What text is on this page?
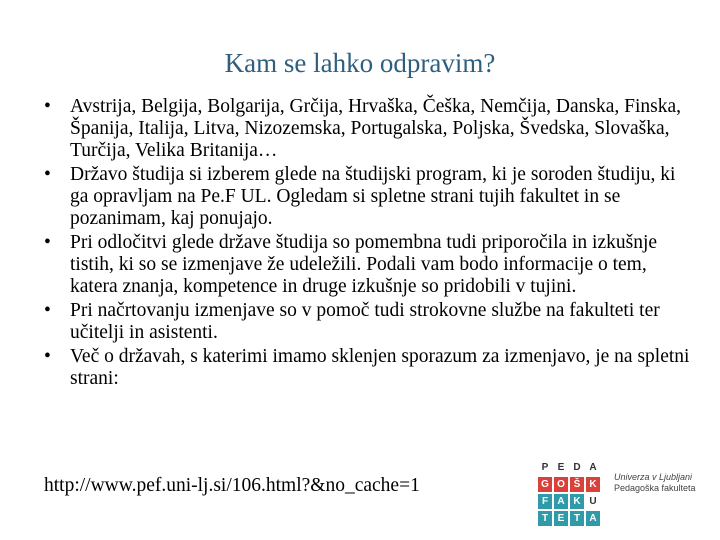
Kam se lahko odpravim?
• Avstrija, Belgija, Bolgarija, Grčija, Hrvaška, Češka, Nemčija, Danska, Finska, Španija, Italija, Litva, Nizozemska, Portugalska, Poljska, Švedska, Slovaška, Turčija, Velika Britanija…
• Državo študija si izberem glede na študijski program, ki je soroden študiju, ki ga opravljam na Pe.F UL. Ogledam si spletne strani tujih fakultet in se pozanimam, kaj ponujajo.
• Pri odločitvi glede države študija so pomembna tudi priporočila in izkušnje tistih, ki so se izmenjave že udeležili. Podali vam bodo informacije o tem, katera znanja, kompetence in druge izkušnje so pridobili v tujini.
• Pri načrtovanju izmenjave so v pomoč tudi strokovne službe na fakulteti ter učitelji in asistenti.
• Več o državah, s katerimi imamo sklenjen sporazum za izmenjavo, je na spletni strani:
http://www.pef.uni-lj.si/106.html?&no_cache=1
P E D A
G O Š K
F A K U
T E T A
Univerza v Ljubljani
Pedagoška fakulteta
